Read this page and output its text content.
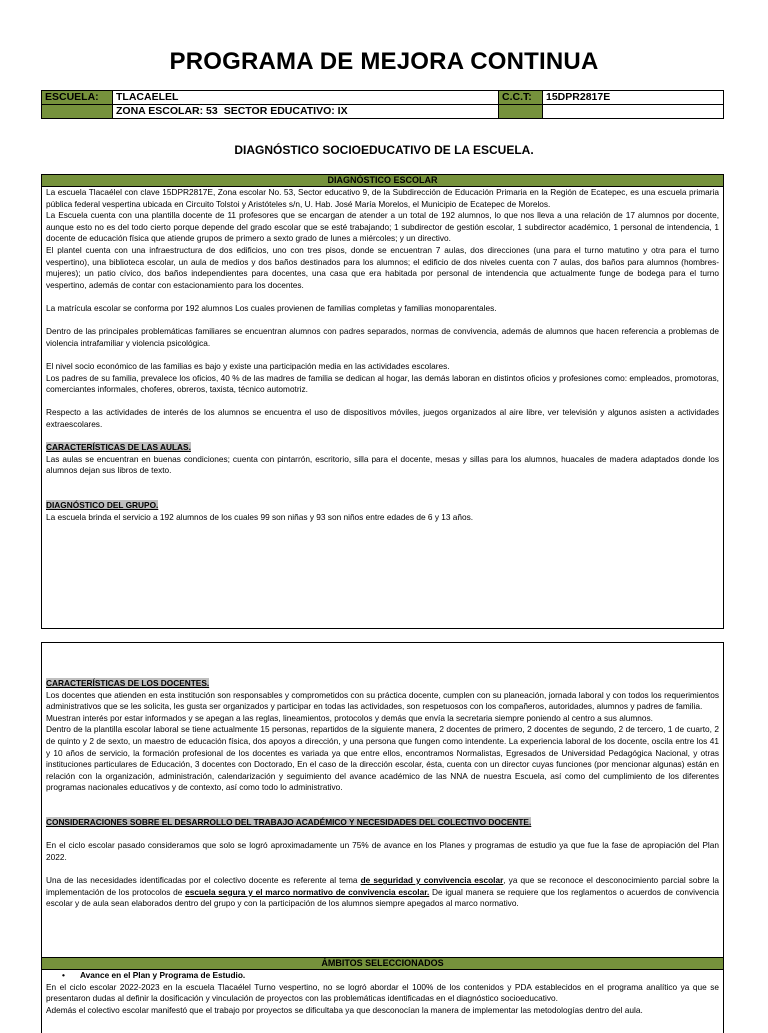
PROGRAMA DE MEJORA CONTINUA
ESCUELA:	TLACAELEL		C.C.T:	15DPR2817E
	ZONA ESCOLAR: 53	SECTOR EDUCATIVO: IX		
DIAGNÓSTICO SOCIOEDUCATIVO DE LA ESCUELA.
DIAGNÓSTICO ESCOLAR

La escuela Tlacaélel con clave 15DPR2817E, Zona escolar No. 53, Sector educativo 9, de la Subdirección de Educación Primaria en la Región de Ecatepec, es una escuela primaria pública federal vespertina ubicada en Circuito Tolstoi y Aristóteles s/n, U. Hab. José María Morelos, el Municipio de Ecatepec de Morelos.

La Escuela cuenta con una plantilla docente de 11 profesores que se encargan de atender a un total de 192 alumnos, lo que nos lleva a una relación de 17 alumnos por docente, aunque esto no es del todo cierto porque depende del grado escolar que se esté trabajando; 1 subdirector de gestión escolar, 1 subdirector académico, 1 personal de intendencia, 1 docente de educación física que atiende grupos de primero a sexto grado de lunes a miércoles; y un directivo.

El plantel cuenta con una infraestructura de dos edificios, uno con tres pisos, donde se encuentran 7 aulas, dos direcciones (una para el turno matutino y otra para el turno vespertino), una biblioteca escolar, un aula de medios y dos baños destinados para los alumnos; el edificio de dos niveles cuenta con 7 aulas, dos baños para alumnos (hombres- mujeres); un patio cívico, dos baños independientes para docentes, una casa que era habitada por personal de intendencia que actualmente funge de bodega para el turno vespertino, además de contar con estacionamiento para los docentes.

La matrícula escolar se conforma por 192 alumnos Los cuales provienen de familias completas y familias monoparentales.

Dentro de las principales problemáticas familiares se encuentran alumnos con padres separados, normas de convivencia, además de alumnos que hacen referencia a problemas de violencia intrafamiliar y violencia psicológica.

El nivel socio económico de las familias es bajo y existe una participación media en las actividades escolares.

Los padres de su familia, prevalece los oficios, 40 % de las madres de familia se dedican al hogar, las demás laboran en distintos oficios y profesiones como: empleados, promotoras, comerciantes informales, choferes, obreros, taxista, técnico automotriz.

Respecto a las actividades de interés de los alumnos se encuentra el uso de dispositivos móviles, juegos organizados al aire libre, ver televisión y algunos asisten a actividades extraescolares.

CARACTERÍSTICAS DE LAS AULAS.

Las aulas se encuentran en buenas condiciones; cuenta con pintarrón, escritorio, silla para el docente, mesas y sillas para los alumnos, huacales de madera adaptados donde los alumnos dejan sus libros de texto.

DIAGNÓSTICO DEL GRUPO.

La escuela brinda el servicio a 192 alumnos de los cuales 99 son niñas y 93 son niños entre edades de 6 y 13 años.

CARACTERÍSTICAS DE LOS DOCENTES.

Los docentes que atienden en esta institución son responsables y comprometidos con su práctica docente, cumplen con su planeación, jornada laboral y con todos los requerimientos administrativos que se les solicita, les gusta ser organizados y participar en todas las actividades, son respetuosos con los compañeros, autoridades, alumnos y padres de familia.

Muestran interés por estar informados y se apegan a las reglas, lineamientos, protocolos y demás que envía la secretaria siempre poniendo al centro a sus alumnos.

Dentro de la plantilla escolar laboral se tiene actualmente 15 personas, repartidos de la siguiente manera, 2 docentes de primero, 2 docentes de segundo, 2 de tercero, 1 de cuarto, 2 de quinto y 2 de sexto, un maestro de educación física, dos apoyos a dirección, y una persona que fungen como intendente. La experiencia laboral de los docente, oscila entre los 41 y 10 años de servicio, la formación profesional de los docentes es variada ya que entre ellos, encontramos Normalistas, Egresados de Universidad Pedagógica Nacional, y otras instituciones particulares de Educación, 3 docentes con Doctorado, En el caso de la dirección escolar, ésta, cuenta con un director cuyas funciones (por mencionar algunas) están en relación con la organización, administración, calendarización y seguimiento del avance académico de las NNA de nuestra Escuela, así como del cumplimiento de los diferentes programas nacionales educativos y de contexto, así como todo lo administrativo.

CONSIDERACIONES SOBRE EL DESARROLLO DEL TRABAJO ACADÉMICO Y NECESIDADES DEL COLECTIVO DOCENTE.

En el ciclo escolar pasado consideramos que solo se logró aproximadamente un 75% de avance en los Planes y programas de estudio ya que fue la fase de apropiación del Plan 2022.

Una de las necesidades identificadas por el colectivo docente es referente al tema de seguridad y convivencia escolar, ya que se reconoce el desconocimiento parcial sobre la implementación de los protocolos de escuela segura y el marco normativo de convivencia escolar. De igual manera se requiere que los reglamentos o acuerdos de convivencia escolar y de aula sean elaborados dentro del grupo y con la participación de los alumnos siempre apegados al marco normativo.

ÁMBITOS SELECCIONADOS

• Avance en el Plan y Programa de Estudio.

En el ciclo escolar 2022-2023 en la escuela Tlacaélel Turno vespertino, no se logró abordar el 100% de los contenidos y PDA establecidos en el programa analítico ya que se presentaron dudas al definir la dosificación y vinculación de proyectos con las problemáticas identificadas en el diagnóstico socioeducativo.

Además el colectivo escolar manifestó que el trabajo por proyectos se dificultaba ya que desconocían la manera de implementar las metodologías dentro del aula.
